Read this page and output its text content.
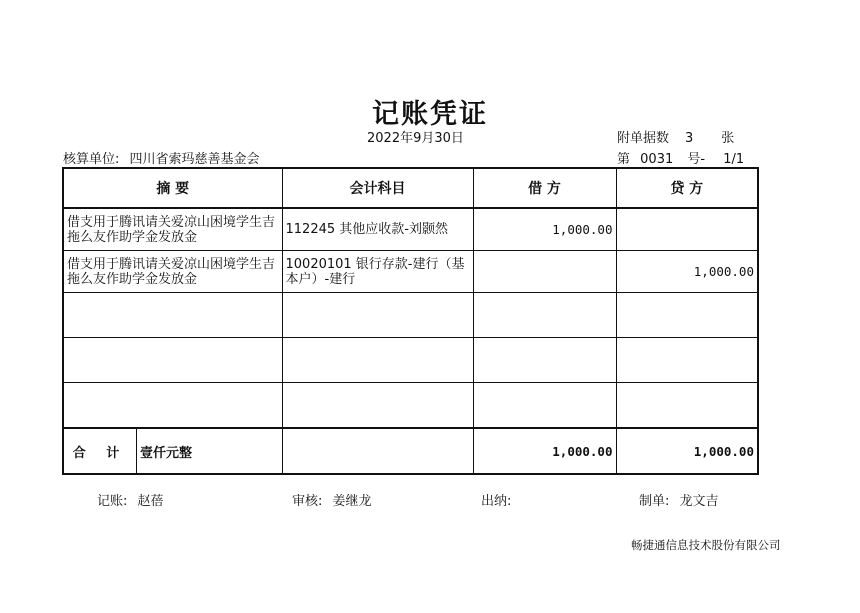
记账凭证
2022年9月30日	附单据数 3 张
核算单位: 四川省索玛慈善基金会	第 0031 号- 1/1
摘 要	会计科目	借 方	贷 方
借支用于腾讯请关爱凉山困境学生吉拖么友作助学金发放金	112245 其他应收款-刘颢然	1,000.00	
借支用于腾讯请关爱凉山困境学生吉拖么友作助学金发放金	10020101 银行存款-建行（基本户）-建行		1,000.00

合 计 壹仟元整		1,000.00	1,000.00
记账: 赵蓓	审核: 姜继龙	出纳:	制单: 龙文吉
畅捷通信息技术股份有限公司
